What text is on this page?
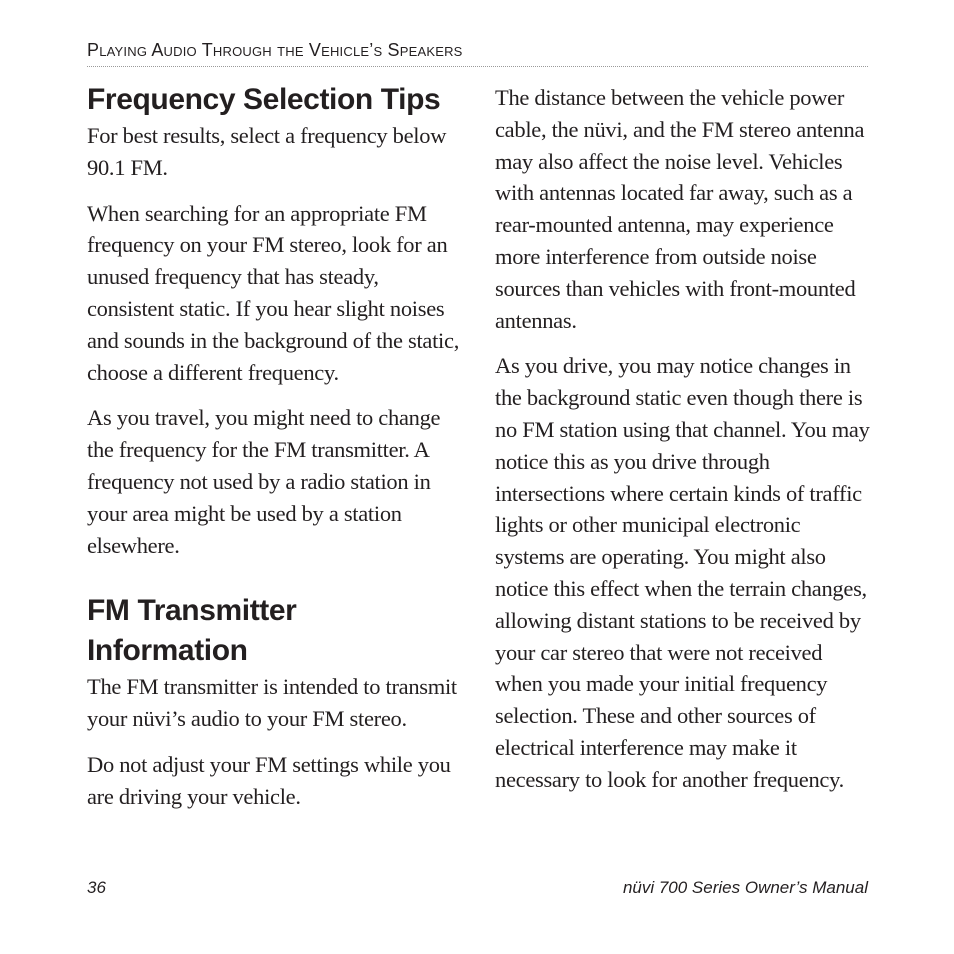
Playing Audio Through the Vehicle’s Speakers
Frequency Selection Tips

For best results, select a frequency below 90.1 FM.

When searching for an appropriate FM frequency on your FM stereo, look for an unused frequency that has steady, consistent static. If you hear slight noises and sounds in the background of the static, choose a different frequency.

As you travel, you might need to change the frequency for the FM transmitter. A frequency not used by a radio station in your area might be used by a station elsewhere.

FM Transmitter
Information

The FM transmitter is intended to transmit your nüvi’s audio to your FM stereo.

Do not adjust your FM settings while you are driving your vehicle.

The distance between the vehicle power cable, the nüvi, and the FM stereo antenna may also affect the noise level. Vehicles with antennas located far away, such as a rear-mounted antenna, may experience more interference from outside noise sources than vehicles with front-mounted antennas.

As you drive, you may notice changes in the background static even though there is no FM station using that channel. You may notice this as you drive through intersections where certain kinds of traffic lights or other municipal electronic systems are operating. You might also notice this effect when the terrain changes, allowing distant stations to be received by your car stereo that were not received when you made your initial frequency selection. These and other sources of electrical interference may make it necessary to look for another frequency.

36	nüvi 700 Series Owner’s Manual
